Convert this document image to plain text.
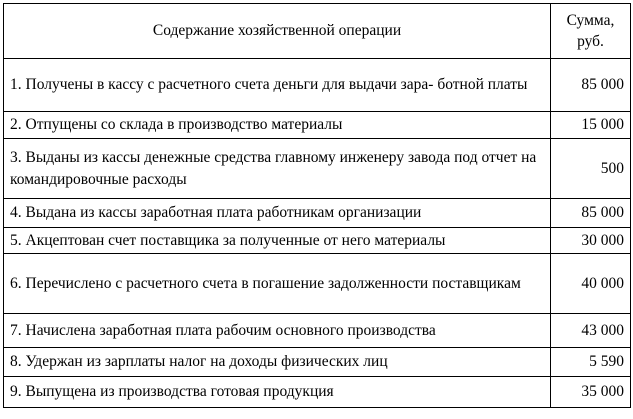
Содержание хозяйственной операции	Сумма,
руб.
1. Получены в кассу с расчетного счета деньги для выдачи зара- ботной платы	85 000
2. Отпущены со склада в производство материалы	15 000
3. Выданы из кассы денежные средства главному инженеру завода под отчет на командировочные расходы	500
4. Выдана из кассы заработная плата работникам организации	85 000
5. Акцептован счет поставщика за полученные от него материалы	30 000
6. Перечислено с расчетного счета в погашение задолженности поставщикам	40 000
7. Начислена заработная плата рабочим основного производства	43 000
8. Удержан из зарплаты налог на доходы физических лиц	5 590
9. Выпущена из производства готовая продукция	35 000
